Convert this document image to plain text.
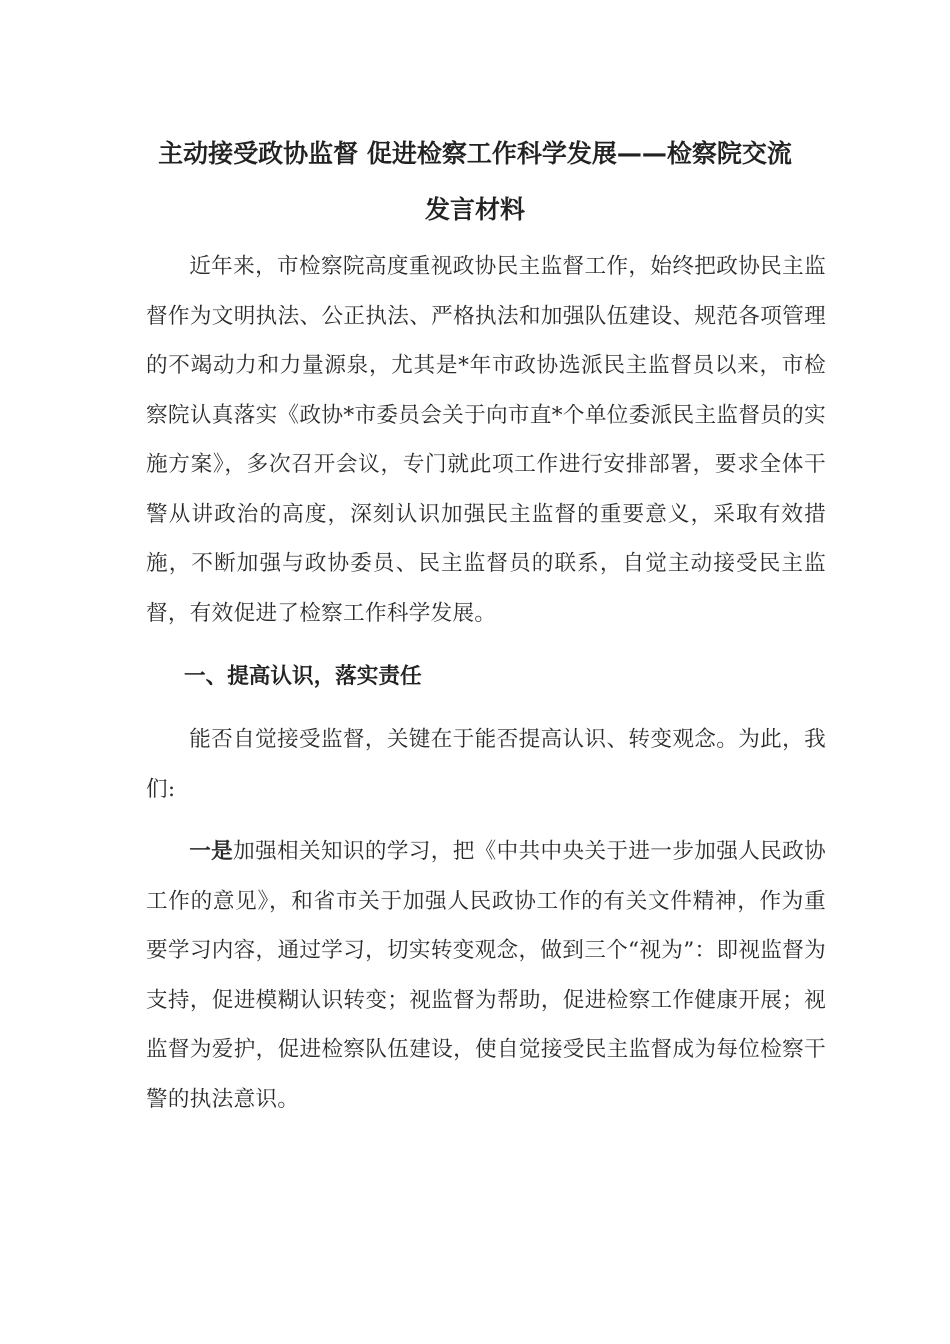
主动接受政协监督 促进检察工作科学发展——检察院交流
发言材料

近年来，市检察院高度重视政协民主监督工作，始终把政协民主监督作为文明执法、公正执法、严格执法和加强队伍建设、规范各项管理的不竭动力和力量源泉，尤其是*年市政协选派民主监督员以来，市检察院认真落实《政协*市委员会关于向市直*个单位委派民主监督员的实施方案》，多次召开会议，专门就此项工作进行安排部署，要求全体干警从讲政治的高度，深刻认识加强民主监督的重要意义，采取有效措施，不断加强与政协委员、民主监督员的联系，自觉主动接受民主监督，有效促进了检察工作科学发展。

一、提高认识，落实责任

能否自觉接受监督，关键在于能否提高认识、转变观念。为此，我们:

一是加强相关知识的学习，把《中共中央关于进一步加强人民政协工作的意见》，和省市关于加强人民政协工作的有关文件精神，作为重要学习内容，通过学习，切实转变观念，做到三个“视为”：即视监督为支持，促进模糊认识转变；视监督为帮助，促进检察工作健康开展；视监督为爱护，促进检察队伍建设，使自觉接受民主监督成为每位检察干警的执法意识。
